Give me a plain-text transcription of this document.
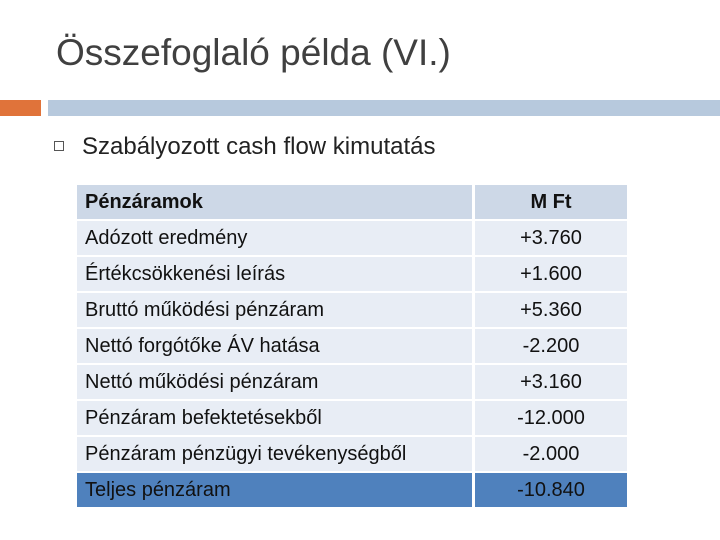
Összefoglaló példa (VI.)
Szabályozott cash flow kimutatás
Pénzáramok	M Ft
Adózott eredmény	+3.760
Értékcsökkenési leírás	+1.600
Bruttó működési pénzáram	+5.360
Nettó forgótőke ÁV hatása	-2.200
Nettó működési pénzáram	+3.160
Pénzáram befektetésekből	-12.000
Pénzáram pénzügyi tevékenységből	-2.000
Teljes pénzáram	-10.840
